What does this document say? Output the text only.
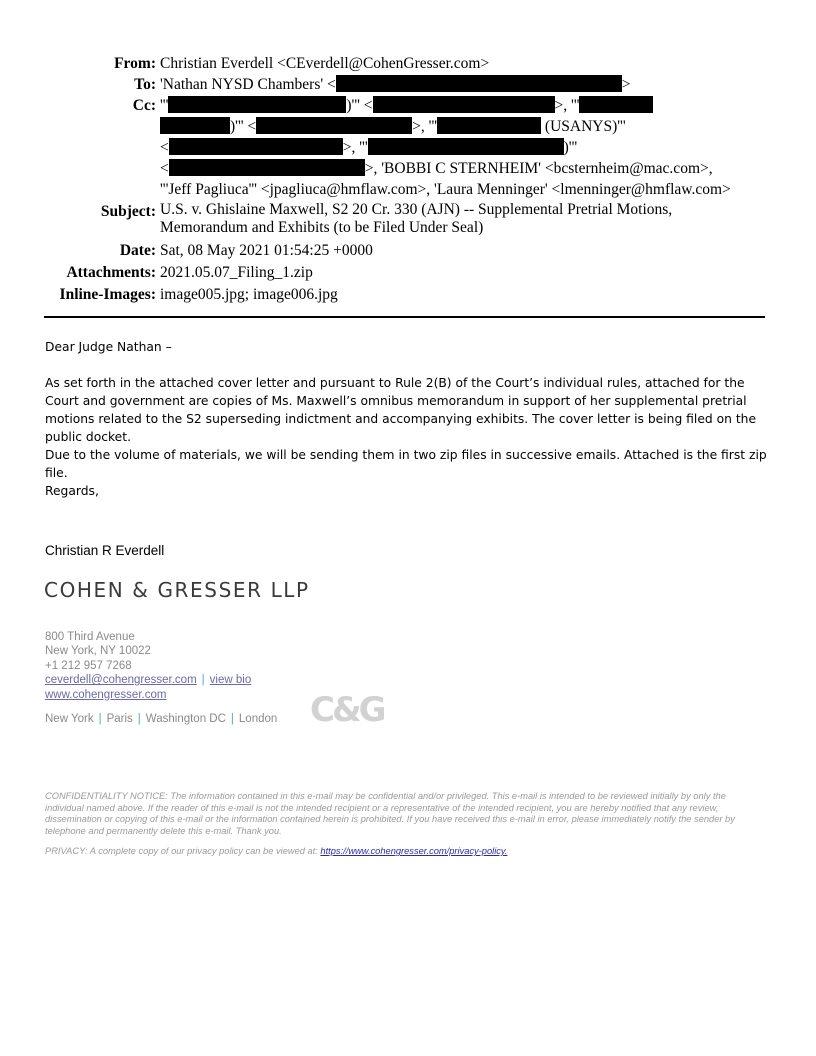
From: Christian Everdell <CEverdell@CohenGresser.com>
To: 'Nathan NYSD Chambers' <	>
Cc: '''	)''' <	>, '''
)''' <	>, '''	(USANYS)'''
<	>, '''	)'''
<	>, 'BOBBI C STERNHEIM' <bcsternheim@mac.com>,
'''Jeff Pagliuca''' <jpagliuca@hmflaw.com>, 'Laura Menninger' <lmenninger@hmflaw.com>
Subject: U.S. v. Ghislaine Maxwell, S2 20 Cr. 330 (AJN) -- Supplemental Pretrial Motions,
Memorandum and Exhibits (to be Filed Under Seal)
Date: Sat, 08 May 2021 01:54:25 +0000
Attachments: 2021.05.07_Filing_1.zip
Inline-Images: image005.jpg; image006.jpg
Dear Judge Nathan –
As set forth in the attached cover letter and pursuant to Rule 2(B) of the Court’s individual rules, attached for the Court and government are copies of Ms. Maxwell’s omnibus memorandum in support of her supplemental pretrial motions related to the S2 superseding indictment and accompanying exhibits. The cover letter is being filed on the public docket.
Due to the volume of materials, we will be sending them in two zip files in successive emails. Attached is the first zip file.
Regards,
Christian R Everdell
COHEN & GRESSER LLP
800 Third Avenue
New York, NY 10022
+1 212 957 7268
ceverdell@cohengresser.com | view bio
www.cohengresser.com
New York | Paris | Washington DC | London C&G
CONFIDENTIALITY NOTICE: The information contained in this e-mail may be confidential and/or privileged. This e-mail is intended to be reviewed initially by only the individual named above. If the reader of this e-mail is not the intended recipient or a representative of the intended recipient, you are hereby notified that any review, dissemination or copying of this e-mail or the information contained herein is prohibited. If you have received this e-mail in error, please immediately notify the sender by telephone and permanently delete this e-mail. Thank you.
PRIVACY: A complete copy of our privacy policy can be viewed at: https://www.cohengresser.com/privacy-policy.
